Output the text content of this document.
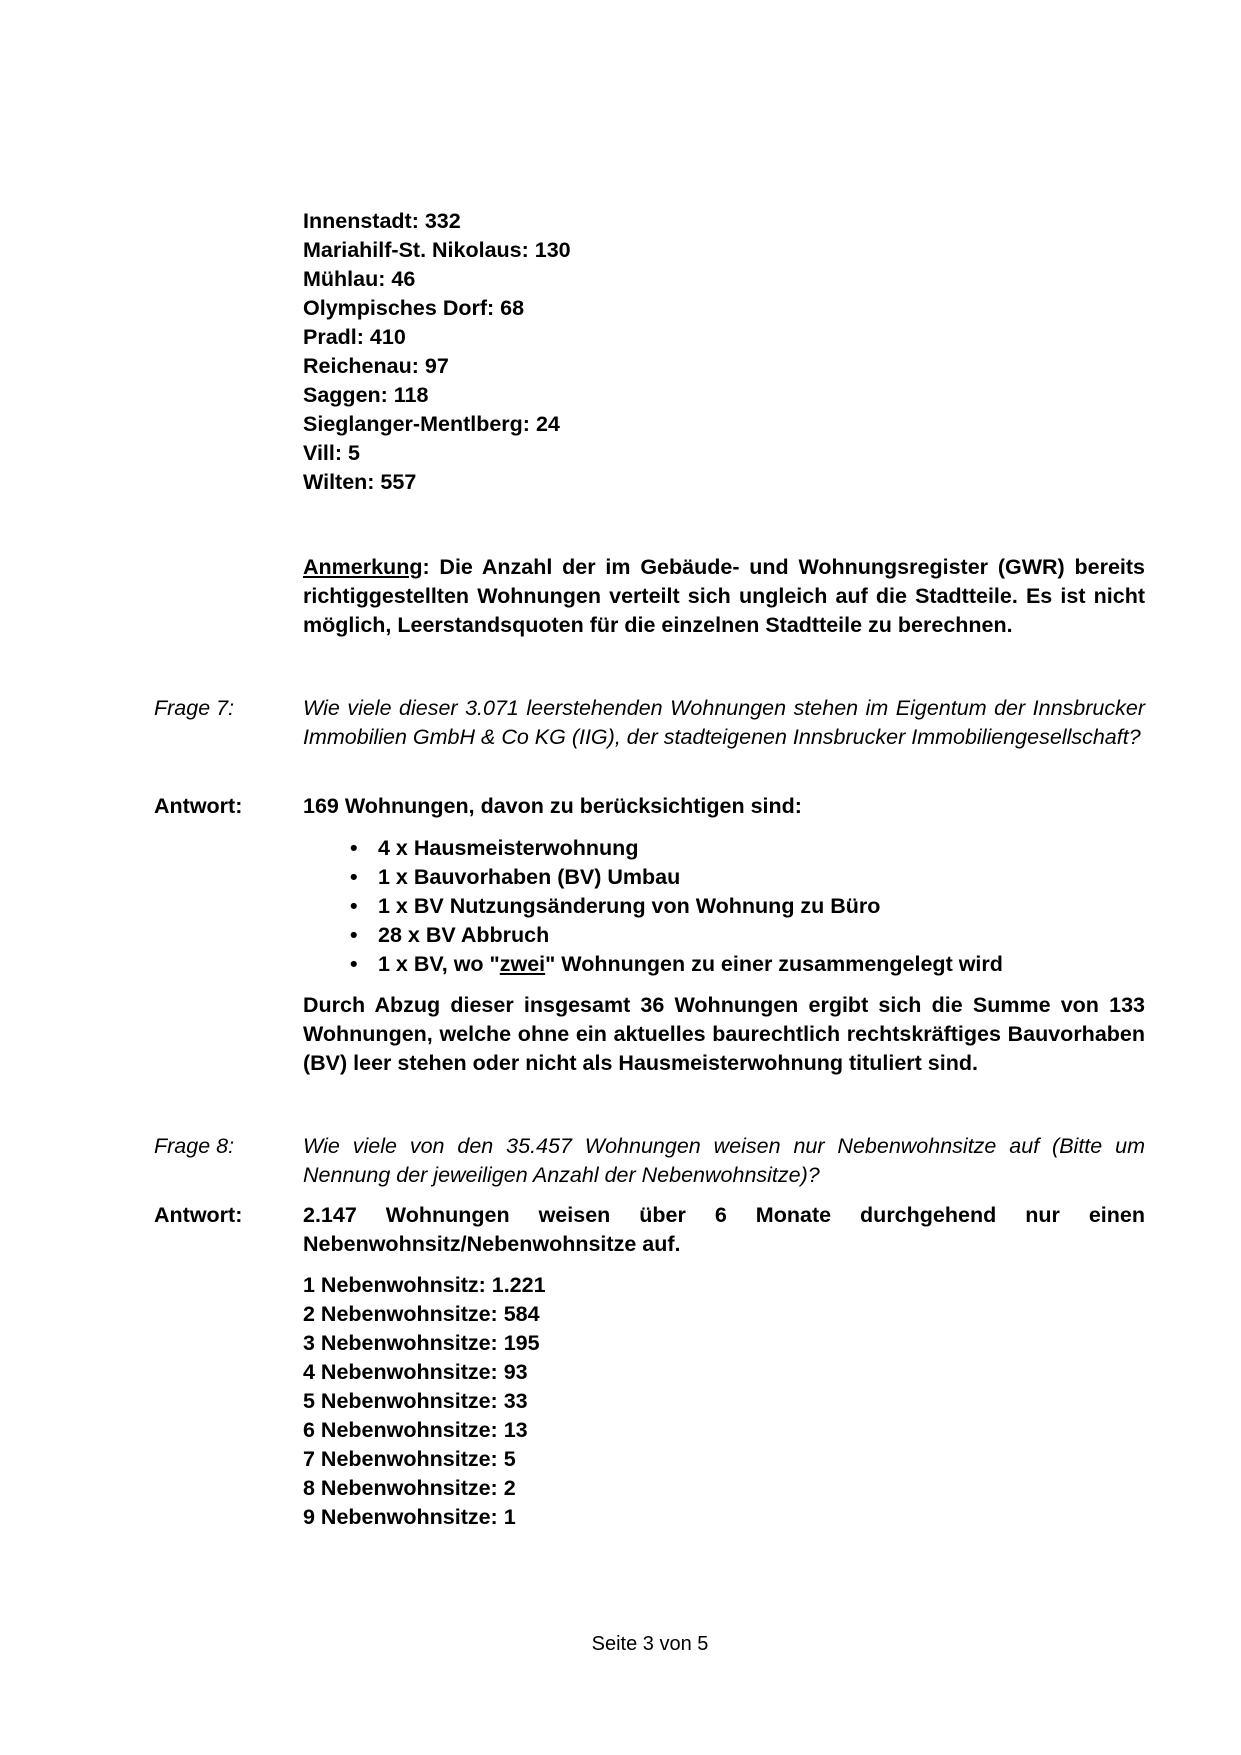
Innenstadt: 332
Mariahilf-St. Nikolaus: 130
Mühlau: 46
Olympisches Dorf: 68
Pradl: 410
Reichenau: 97
Saggen: 118
Sieglanger-Mentlberg: 24
Vill: 5
Wilten: 557
Anmerkung: Die Anzahl der im Gebäude- und Wohnungsregister (GWR) bereits richtiggestellten Wohnungen verteilt sich ungleich auf die Stadtteile. Es ist nicht möglich, Leerstandsquoten für die einzelnen Stadtteile zu berechnen.
Frage 7:	Wie viele dieser 3.071 leerstehenden Wohnungen stehen im Eigentum der Innsbrucker Immobilien GmbH & Co KG (IIG), der stadteigenen Innsbrucker Immobiliengesellschaft?
Antwort:	169 Wohnungen, davon zu berücksichtigen sind:
• 4 x Hausmeisterwohnung
• 1 x Bauvorhaben (BV) Umbau
• 1 x BV Nutzungsänderung von Wohnung zu Büro
• 28 x BV Abbruch
• 1 x BV, wo "zwei" Wohnungen zu einer zusammengelegt wird
Durch Abzug dieser insgesamt 36 Wohnungen ergibt sich die Summe von 133 Wohnungen, welche ohne ein aktuelles baurechtlich rechtskräftiges Bauvorhaben (BV) leer stehen oder nicht als Hausmeisterwohnung tituliert sind.
Frage 8:	Wie viele von den 35.457 Wohnungen weisen nur Nebenwohnsitze auf (Bitte um Nennung der jeweiligen Anzahl der Nebenwohnsitze)?
Antwort:	2.147 Wohnungen weisen über 6 Monate durchgehend nur einen Nebenwohnsitz/Nebenwohnsitze auf.
1 Nebenwohnsitz: 1.221
2 Nebenwohnsitze: 584
3 Nebenwohnsitze: 195
4 Nebenwohnsitze: 93
5 Nebenwohnsitze: 33
6 Nebenwohnsitze: 13
7 Nebenwohnsitze: 5
8 Nebenwohnsitze: 2
9 Nebenwohnsitze: 1
Seite 3 von 5
